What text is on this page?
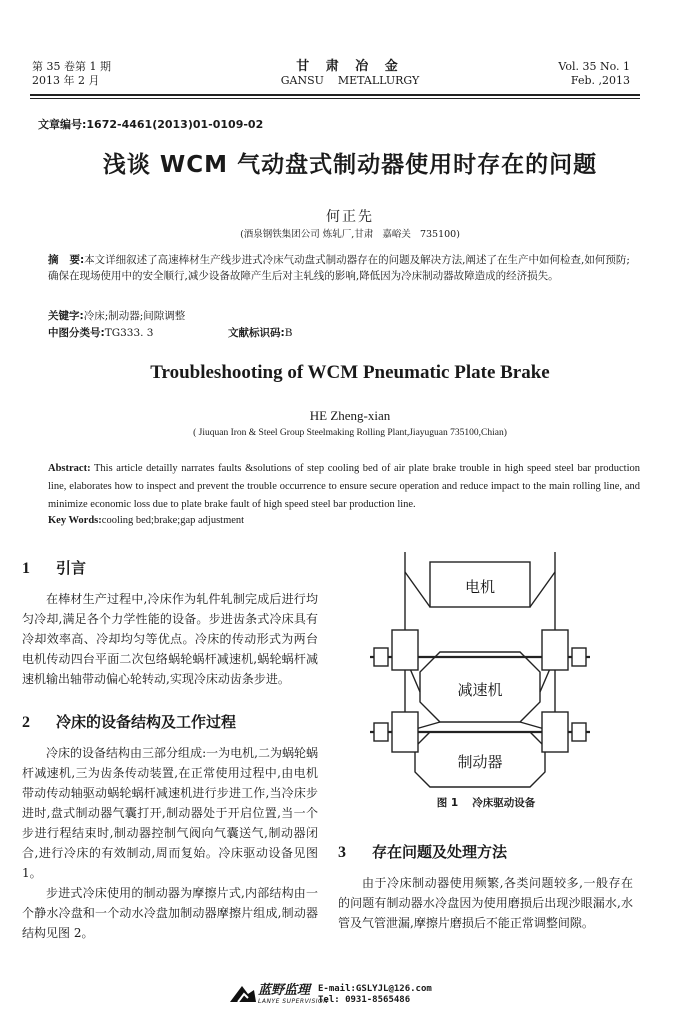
第 35 卷第 1 期
2013 年 2 月
甘 肃 冶 金
GANSU    METALLURGY
Vol. 35 No. 1
Feb. ,2013
文章编号:1672-4461(2013)01-0109-02
浅谈 WCM 气动盘式制动器使用时存在的问题
何正先
(酒泉钢铁集团公司 炼轧厂,甘肃   嘉峪关   735100)
摘   要:本文详细叙述了高速棒材生产线步进式冷床气动盘式制动器存在的问题及解决方法,阐述了在生产中如何检查,如何预防;确保在现场使用中的安全顺行,减少设备故障产生后对主轧线的影响,降低因为冷床制动器故障造成的经济损失。
关键字:冷床;制动器;间隙调整
中图分类号:TG333. 3	文献标识码:B
Troubleshooting of WCM Pneumatic Plate Brake
HE Zheng-xian
( Jiuquan Iron & Steel Group Steelmaking Rolling Plant,Jiayuguan 735100,Chian)
Abstract: This article detailly narrates faults &solutions of step cooling bed of air plate brake trouble in high speed steel bar production line, elaborates how to inspect and prevent the trouble occurrence to ensure secure operation and reduce impact to the main rolling line, and minimize economic loss due to plate brake fault of high speed steel bar production line.
Key Words:cooling bed;brake;gap adjustment
1 引言

在棒材生产过程中,冷床作为轧件轧制完成后进行均匀冷却,满足各个力学性能的设备。步进齿条式冷床具有冷却效率高、冷却均匀等优点。冷床的传动形式为两台电机传动四台平面二次包络蜗轮蜗杆减速机,蜗轮蜗杆减速机输出轴带动偏心轮转动,实现冷床动齿条步进。

2 冷床的设备结构及工作过程

冷床的设备结构由三部分组成:一为电机,二为蜗轮蜗杆减速机,三为齿条传动装置,在正常使用过程中,由电机带动传动轴驱动蜗轮蜗杆减速机进行步进工作,当冷床步进时,盘式制动器气囊打开,制动器处于开启位置,当一个步进行程结束时,制动器控制气阀向气囊送气,制动器闭合,进行冷床的有效制动,周而复始。冷床驱动设备见图 1。

步进式冷床使用的制动器为摩擦片式,内部结构由一个静水冷盘和一个动水冷盘加制动器摩擦片组成,制动器结构见图 2。

电机
减速机
制动器
图 1 冷床驱动设备
3 存在问题及处理方法

由于冷床制动器使用频繁,各类问题较多,一般存在的问题有制动器水冷盘因为使用磨损后出现沙眼漏水,水管及气管泄漏,摩擦片磨损后不能正常调整间隙。

蓝野监理
LANYE SUPERVISION
E-mail:GSLYJL@126.com
Tel: 0931-8565486
